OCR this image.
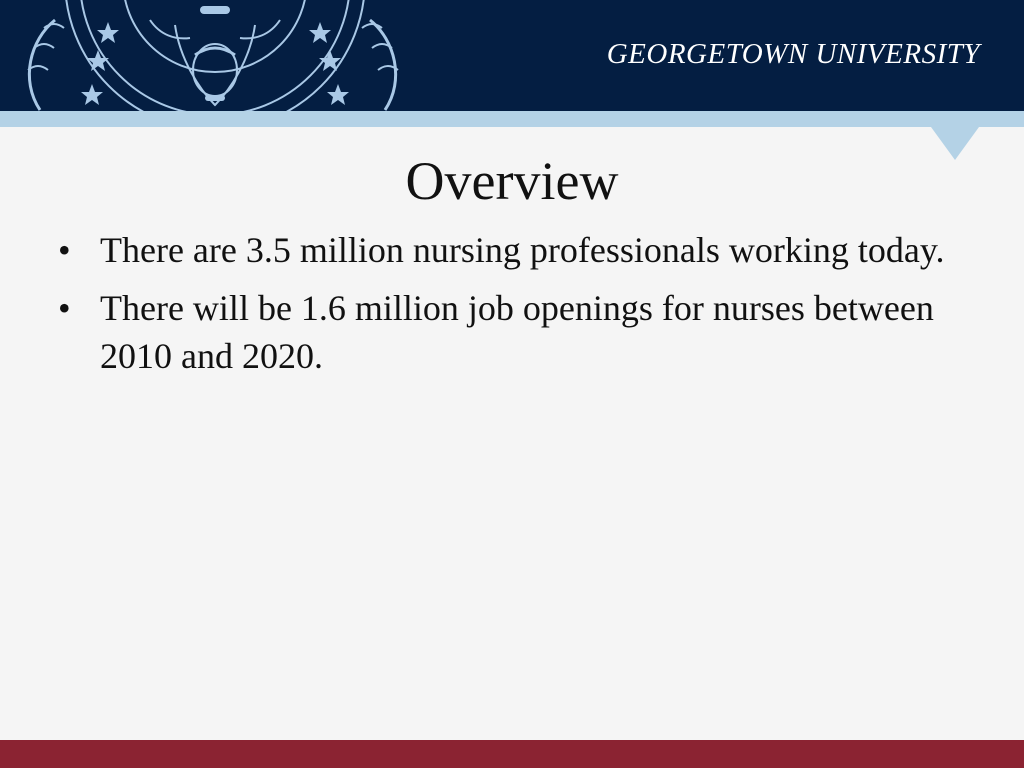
GEORGETOWN UNIVERSITY
Overview
• There are 3.5 million nursing professionals working today.
• There will be 1.6 million job openings for nurses between 2010 and 2020.
